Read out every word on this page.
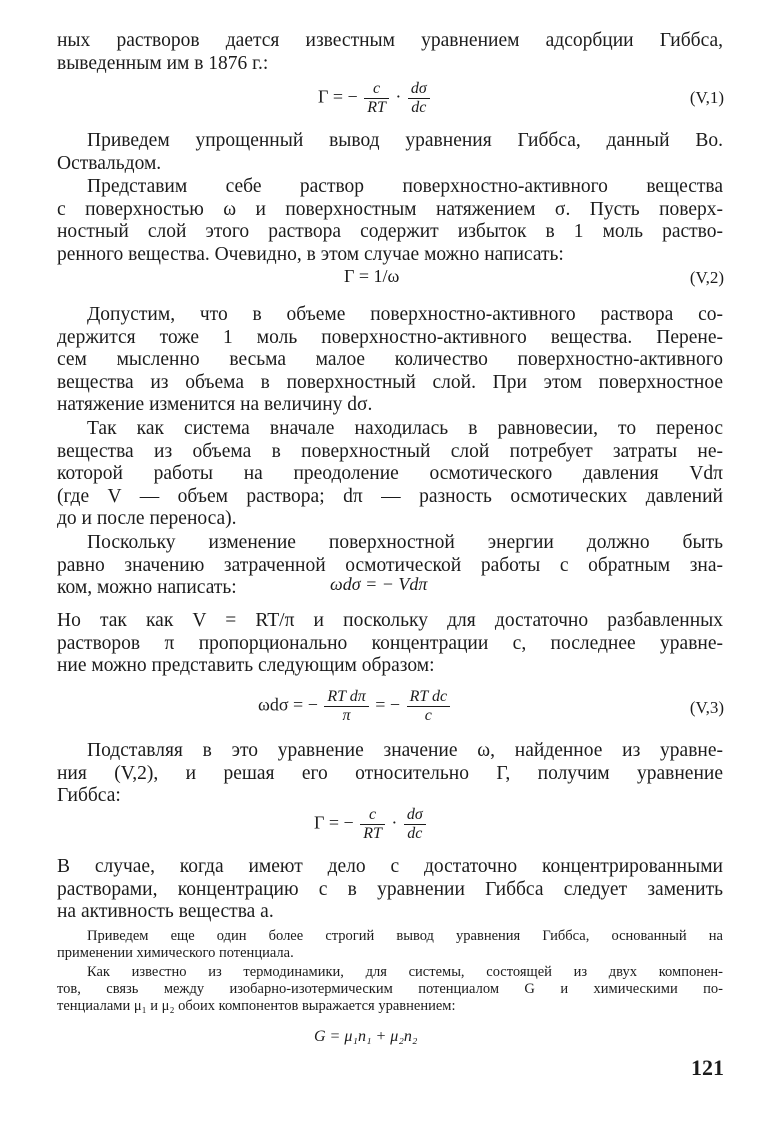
ных растворов дается известным уравнением адсорбции Гиббса,
выведенным им в 1876 г.:
Г = − $\frac{c}{RT} \cdot \frac{d\sigma}{dc}$	(V,1)
Приведем упрощенный вывод уравнения Гиббса, данный Во.
Оствальдом.
Представим себе раствор поверхностно-активного вещества
с поверхностью ω и поверхностным натяжением σ. Пусть поверх-
ностный слой этого раствора содержит избыток в 1 моль раство-
ренного вещества. Очевидно, в этом случае можно написать:
Г = 1/ω	(V,2)
Допустим, что в объеме поверхностно-активного раствора со-
держится тоже 1 моль поверхностно-активного вещества. Перене-
сем мысленно весьма малое количество поверхностно-активного
вещества из объема в поверхностный слой. При этом поверхностное
натяжение изменится на величину dσ.
Так как система вначале находилась в равновесии, то перенос
вещества из объема в поверхностный слой потребует затраты не-
которой работы на преодоление осмотического давления Vdπ
(где V — объем раствора; dπ — разность осмотических давлений
до и после переноса).
Поскольку изменение поверхностной энергии должно быть
равно значению затраченной осмотической работы с обратным зна-
ком, можно написать:	ωdσ = − Vdπ
Но так как V = RT/π и поскольку для достаточно разбавленных
растворов π пропорционально концентрации c, последнее уравне-
ние можно представить следующим образом:
ωdσ = − $\frac{\text{RT dπ}}{\pi}$ = − $\frac{\text{RT dc}}{c}$	(V,3)
Подставляя в это уравнение значение ω, найденное из уравне-
ния (V,2), и решая его относительно Г, получим уравнение
Гиббса:
Г = − $\frac{c}{RT} \cdot \frac{d\sigma}{dc}$
В случае, когда имеют дело с достаточно концентрированными
растворами, концентрацию c в уравнении Гиббса следует заменить
на активность вещества a.
Приведем еще один более строгий вывод уравнения Гиббса, основанный на
применении химического потенциала.
Как известно из термодинамики, для системы, состоящей из двух компонен-
тов, связь между изобарно-изотермическим потенциалом G и химическими по-
тенциалами μ₁ и μ₂ обоих компонентов выражается уравнением:
G = μ₁n₁ + μ₂n₂
121
